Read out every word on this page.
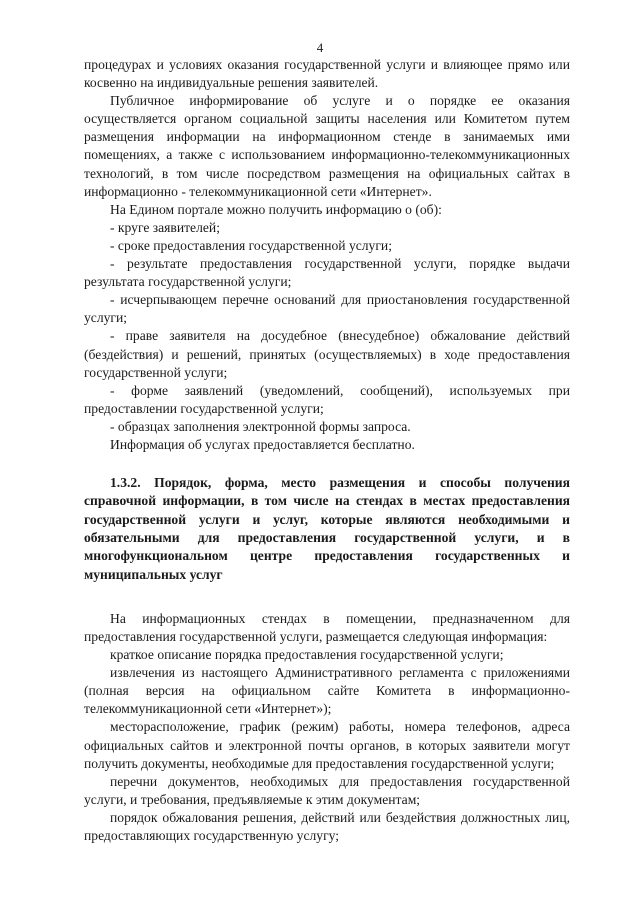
4

процедурах и условиях оказания государственной услуги и влияющее прямо или косвенно на индивидуальные решения заявителей.

Публичное информирование об услуге и о порядке ее оказания осуществляется органом социальной защиты населения или Комитетом путем размещения информации на информационном стенде в занимаемых ими помещениях, а также с использованием информационно-телекоммуникационных технологий, в том числе посредством размещения на официальных сайтах в информационно - телекоммуникационной сети «Интернет».

На Едином портале можно получить информацию о (об):

- круге заявителей;

- сроке предоставления государственной услуги;

- результате предоставления государственной услуги, порядке выдачи результата государственной услуги;

- исчерпывающем перечне оснований для приостановления государственной услуги;

- праве заявителя на досудебное (внесудебное) обжалование действий (бездействия) и решений, принятых (осуществляемых) в ходе предоставления государственной услуги;

- форме заявлений (уведомлений, сообщений), используемых при предоставлении государственной услуги;

- образцах заполнения электронной формы запроса.

Информация об услугах предоставляется бесплатно.

1.3.2. Порядок, форма, место размещения и способы получения справочной информации, в том числе на стендах в местах предоставления государственной услуги и услуг, которые являются необходимыми и обязательными для предоставления государственной услуги, и в многофункциональном центре предоставления государственных и муниципальных услуг

На информационных стендах в помещении, предназначенном для предоставления государственной услуги, размещается следующая информация:

краткое описание порядка предоставления государственной услуги;

извлечения из настоящего Административного регламента с приложениями (полная версия на официальном сайте Комитета в информационно-телекоммуникационной сети «Интернет»);

месторасположение, график (режим) работы, номера телефонов, адреса официальных сайтов и электронной почты органов, в которых заявители могут получить документы, необходимые для предоставления государственной услуги;

перечни документов, необходимых для предоставления государственной услуги, и требования, предъявляемые к этим документам;

порядок обжалования решения, действий или бездействия должностных лиц, предоставляющих государственную услугу;
